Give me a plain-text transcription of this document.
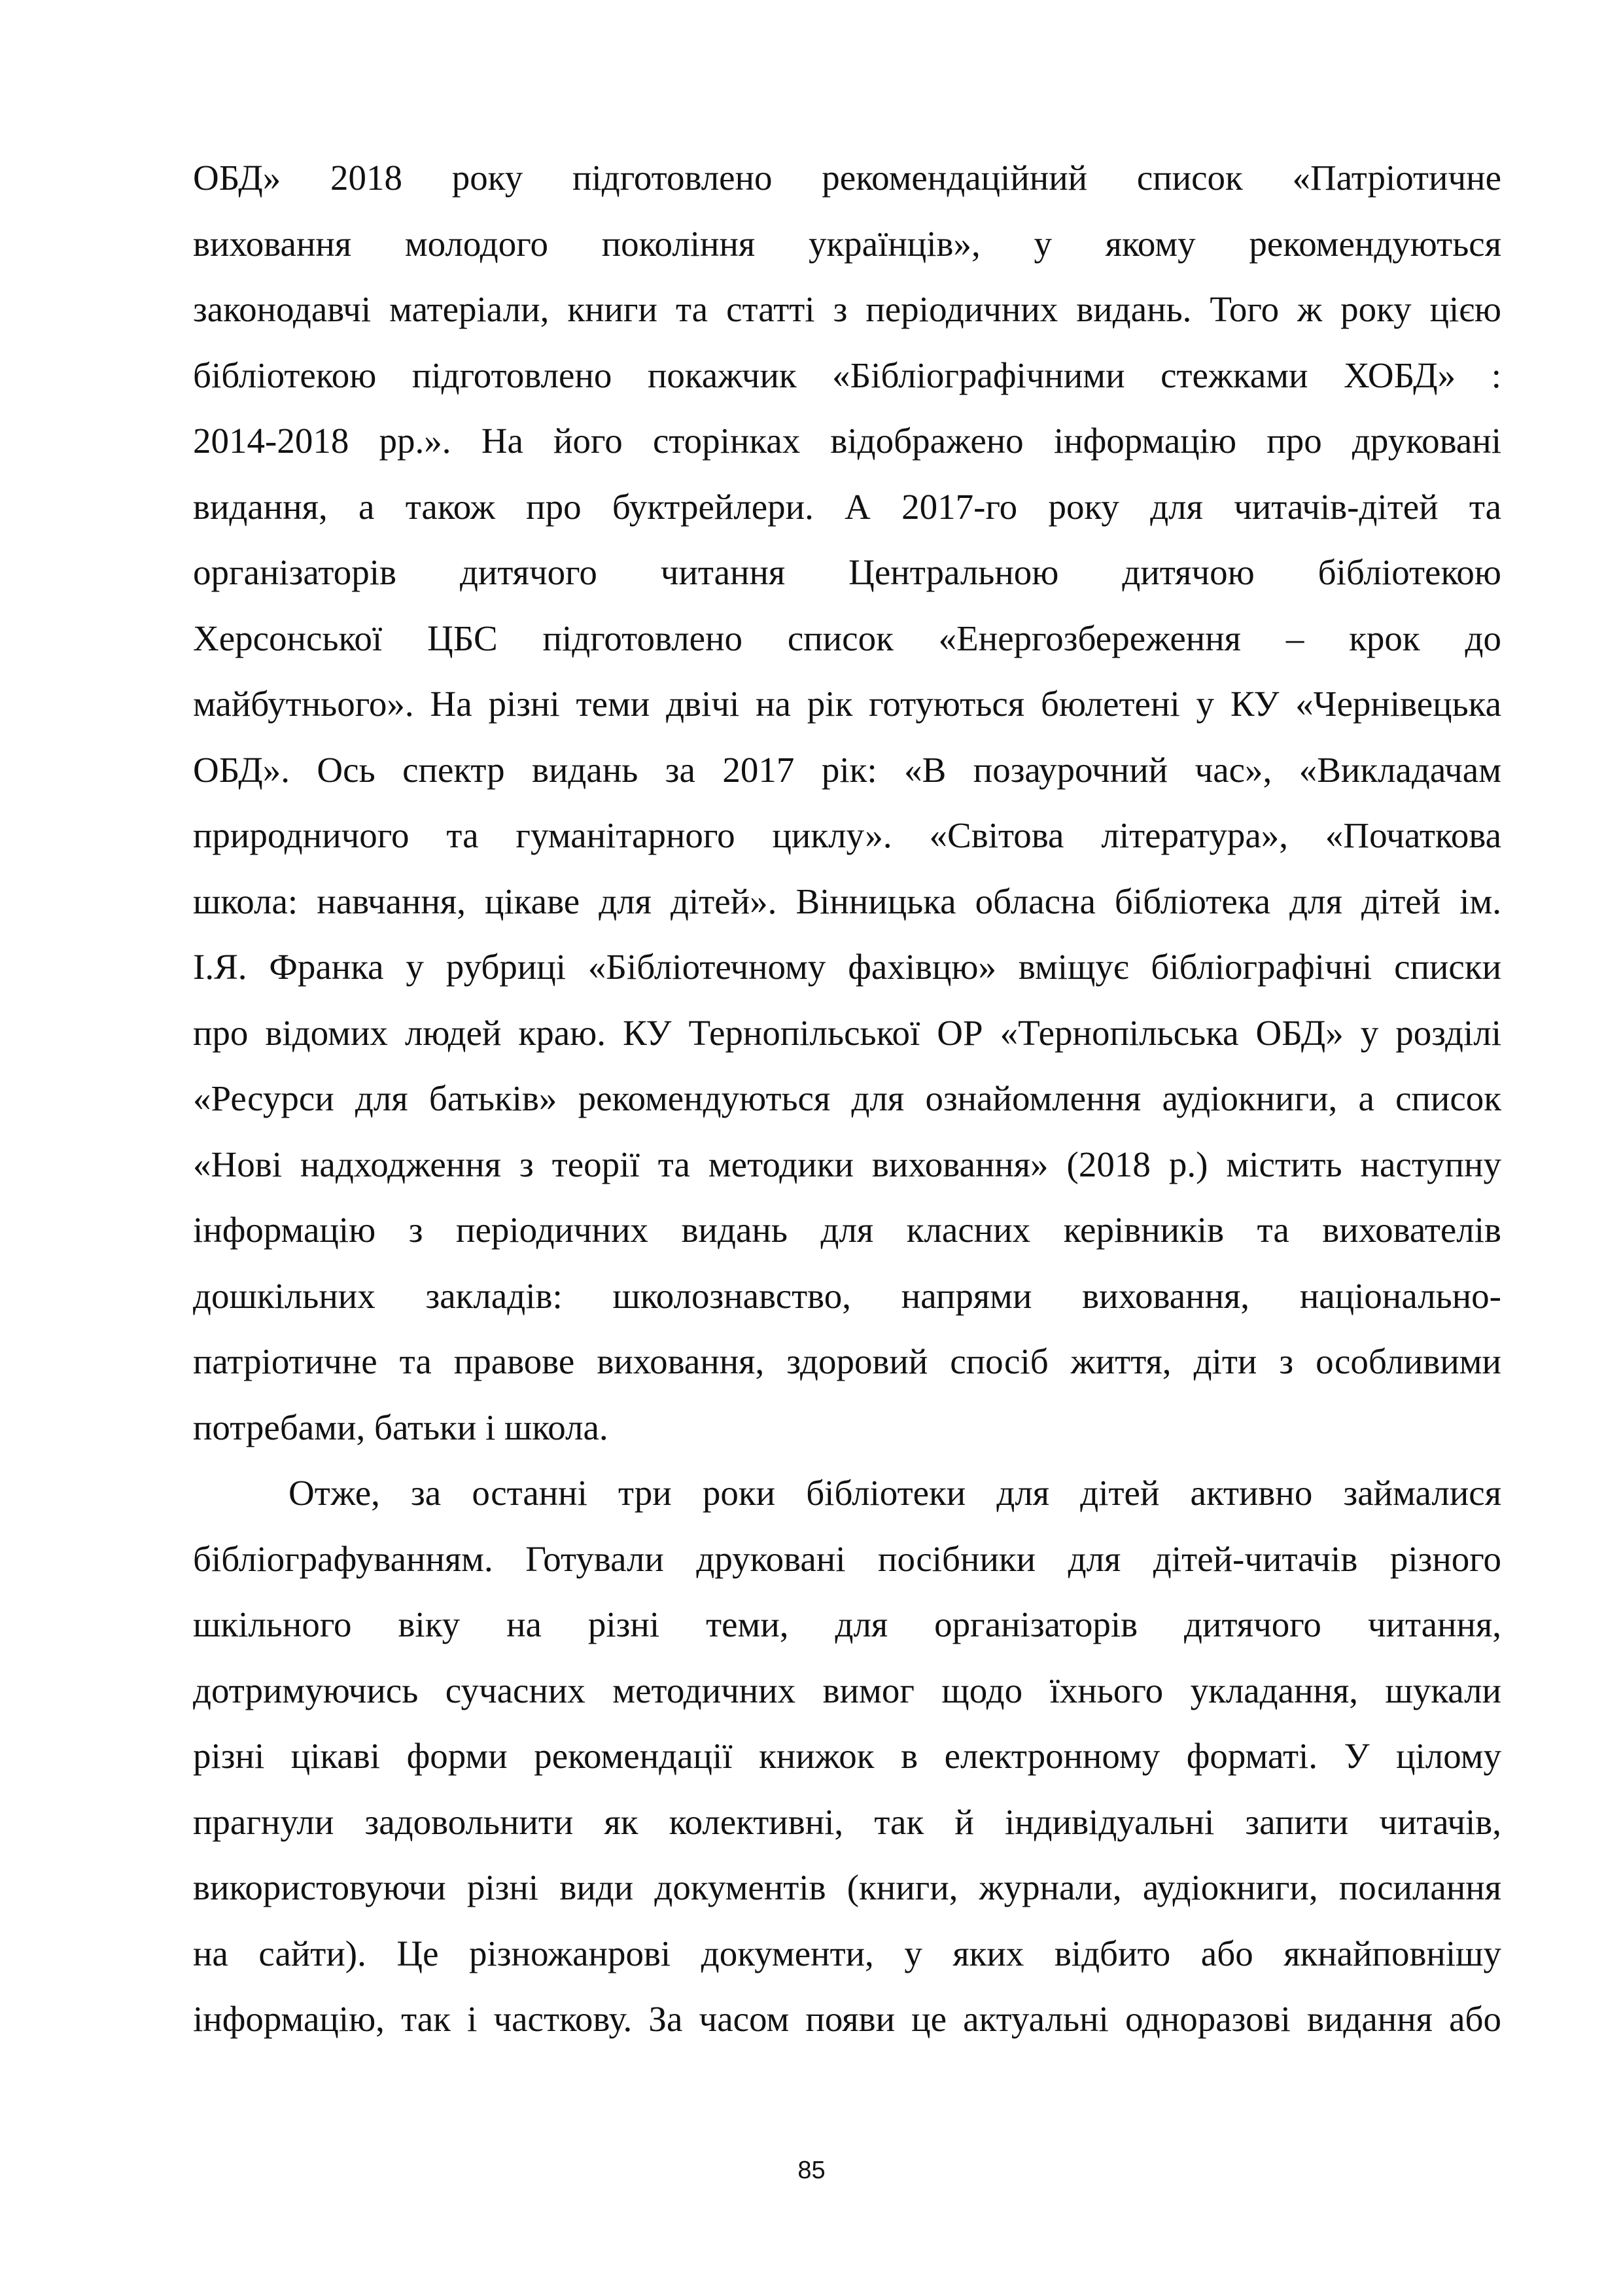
ОБД» 2018 року підготовлено рекомендаційний список «Патріотичне
виховання молодого покоління українців», у якому рекомендуються
законодавчі матеріали, книги та статті з періодичних видань. Того ж року цією
бібліотекою підготовлено покажчик «Бібліографічними стежками ХОБД» :
2014-2018 рр.». На його сторінках відображено інформацію про друковані
видання, а також про буктрейлери. А 2017-го року для читачів-дітей та
організаторів дитячого читання Центральною дитячою бібліотекою
Херсонської ЦБС підготовлено список «Енергозбереження – крок до
майбутнього». На різні теми двічі на рік готуються бюлетені у КУ «Чернівецька
ОБД». Ось спектр видань за 2017 рік: «В позаурочний час», «Викладачам
природничого та гуманітарного циклу». «Світова література», «Початкова
школа: навчання, цікаве для дітей». Вінницька обласна бібліотека для дітей ім.
І.Я. Франка у рубриці «Бібліотечному фахівцю» вміщує бібліографічні списки
про відомих людей краю. КУ Тернопільської ОР «Тернопільська ОБД» у розділі
«Ресурси для батьків» рекомендуються для ознайомлення аудіокниги, а список
«Нові надходження з теорії та методики виховання» (2018 р.) містить наступну
інформацію з періодичних видань для класних керівників та вихователів
дошкільних закладів: школознавство, напрями виховання, національно-
патріотичне та правове виховання, здоровий спосіб життя, діти з особливими
потребами, батьки і школа.
Отже, за останні три роки бібліотеки для дітей активно займалися
бібліографуванням. Готували друковані посібники для дітей-читачів різного
шкільного віку на різні теми, для організаторів дитячого читання,
дотримуючись сучасних методичних вимог щодо їхнього укладання, шукали
різні цікаві форми рекомендації книжок в електронному форматі. У цілому
прагнули задовольнити як колективні, так й індивідуальні запити читачів,
використовуючи різні види документів (книги, журнали, аудіокниги, посилання
на сайти). Це різножанрові документи, у яких відбито або якнайповнішу
інформацію, так і часткову. За часом появи це актуальні одноразові видання або
85
